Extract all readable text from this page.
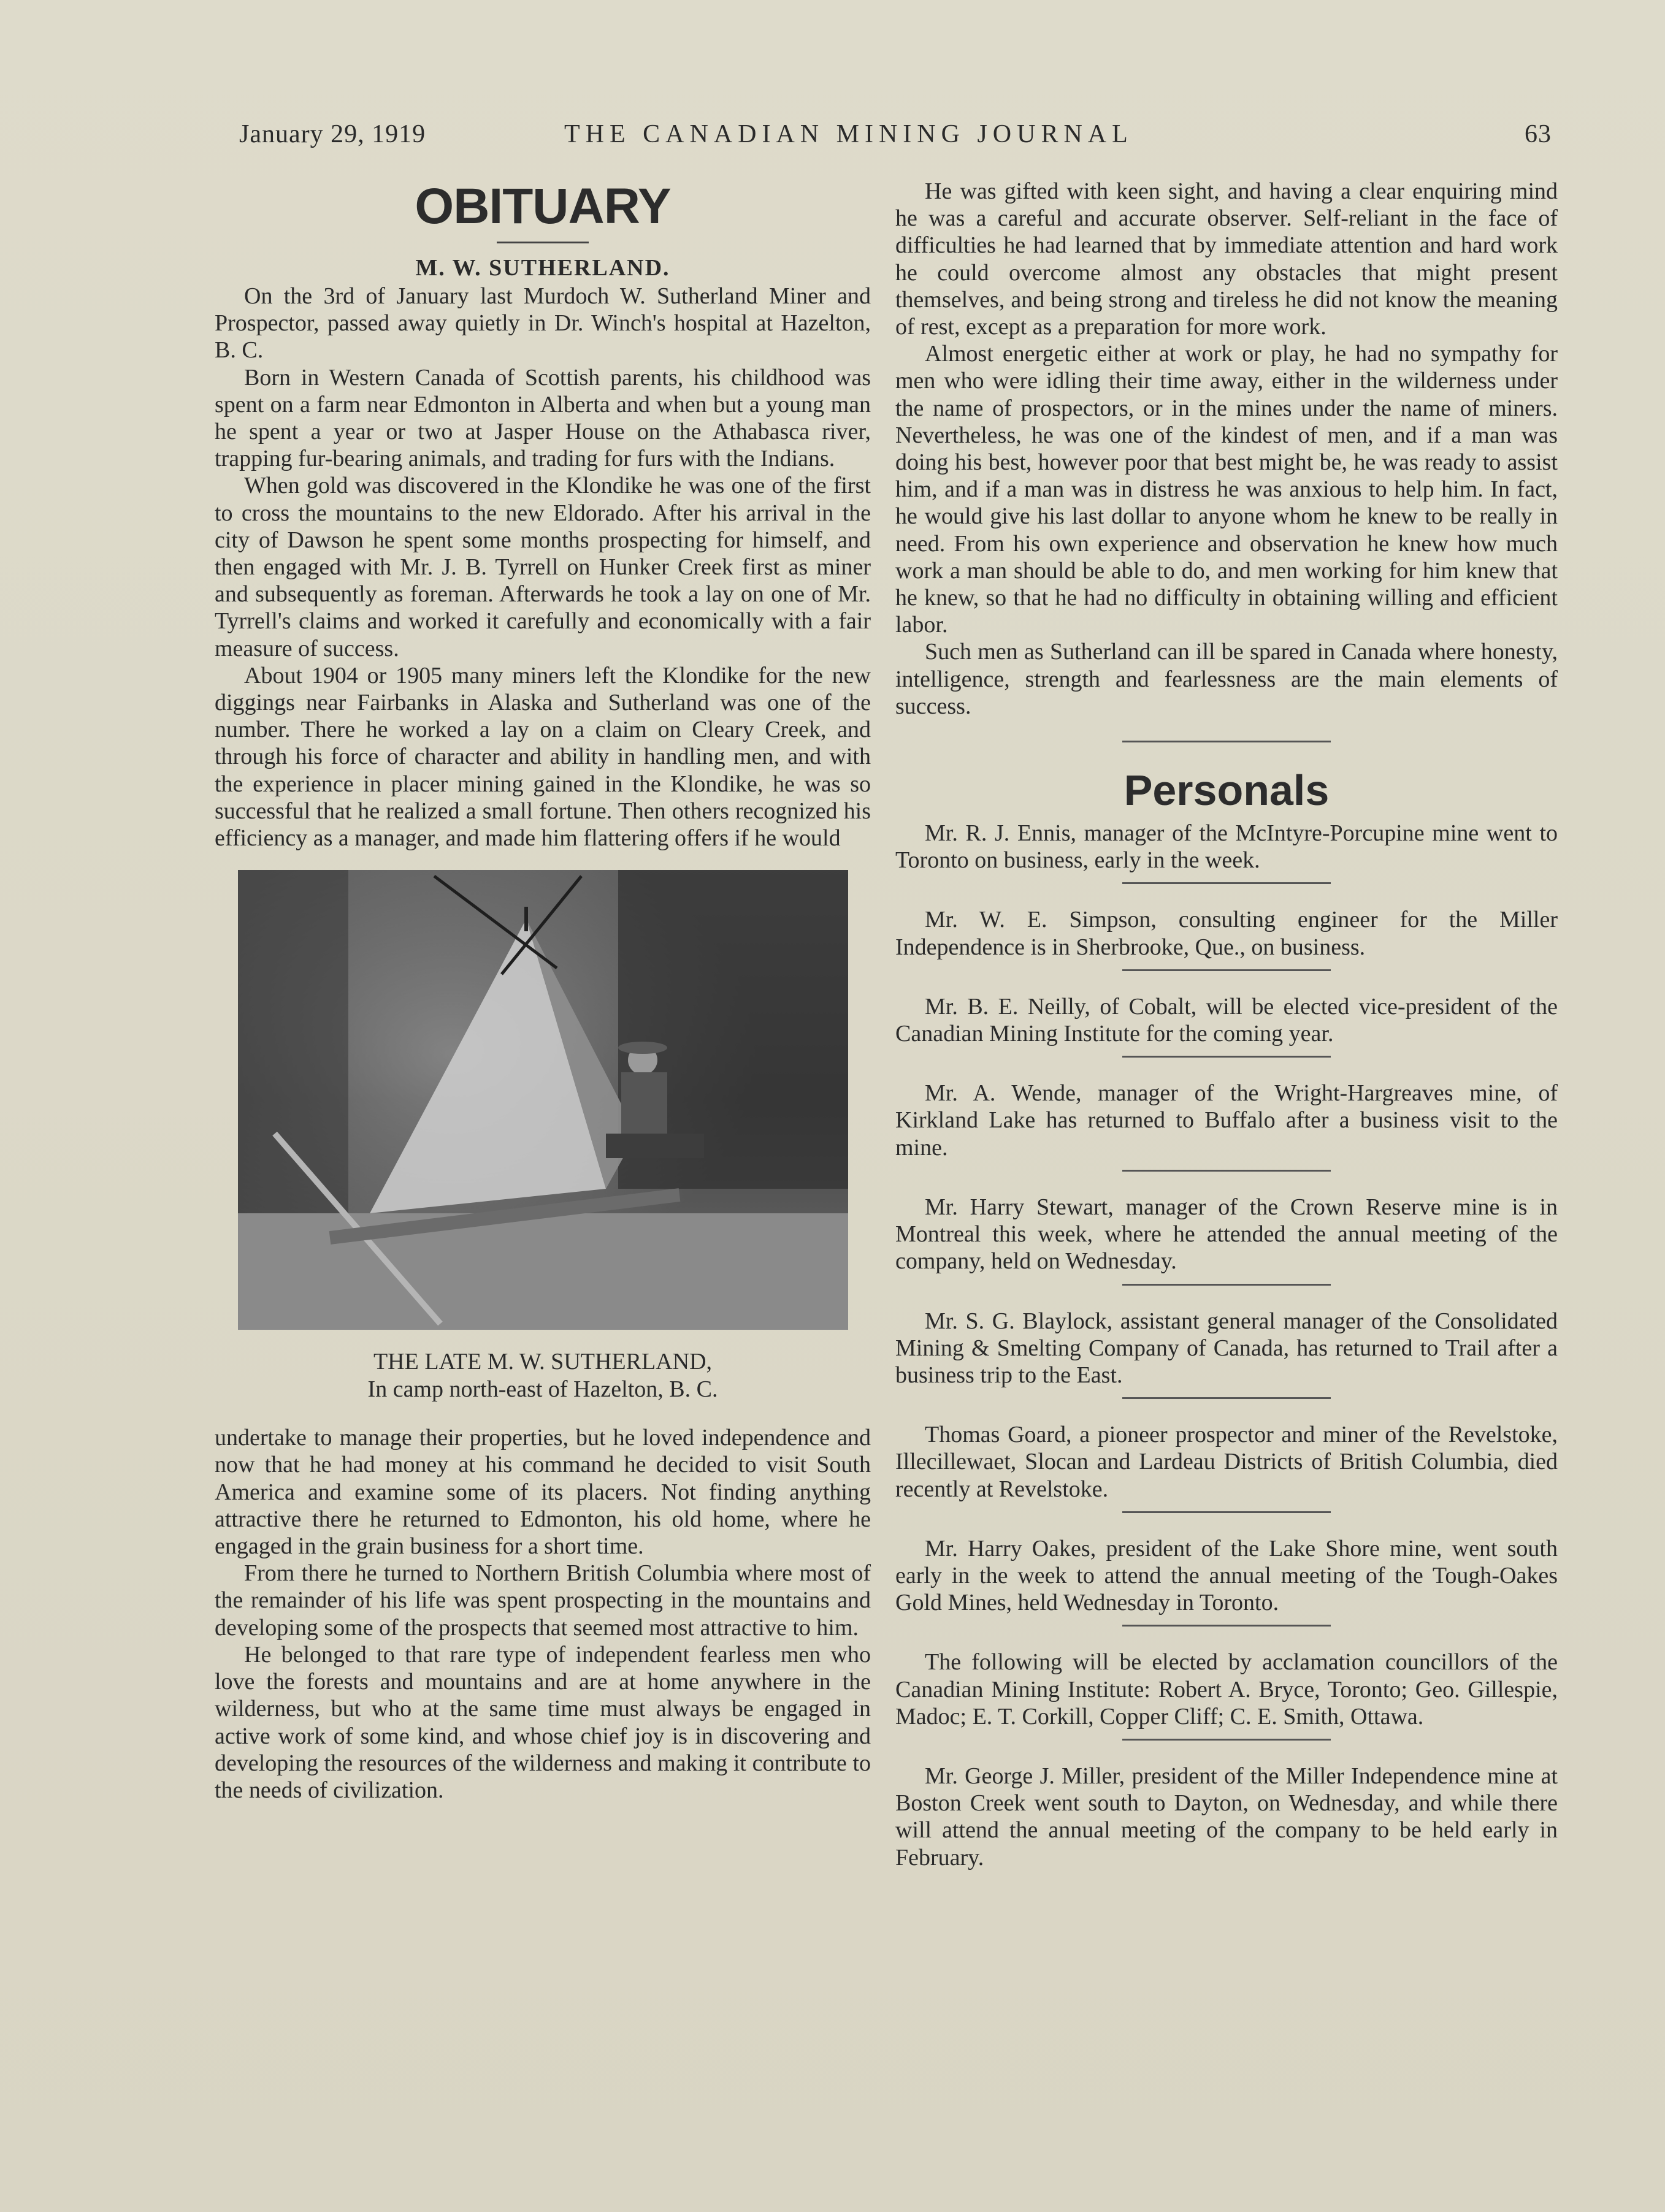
January 29, 1919	THE CANADIAN MINING JOURNAL	63
OBITUARY
M. W. SUTHERLAND.

On the 3rd of January last Murdoch W. Sutherland Miner and Prospector, passed away quietly in Dr. Winch's hospital at Hazelton, B. C.

Born in Western Canada of Scottish parents, his childhood was spent on a farm near Edmonton in Alberta and when but a young man he spent a year or two at Jasper House on the Athabasca river, trapping fur-bearing animals, and trading for furs with the Indians.

When gold was discovered in the Klondike he was one of the first to cross the mountains to the new Eldorado. After his arrival in the city of Dawson he spent some months prospecting for himself, and then engaged with Mr. J. B. Tyrrell on Hunker Creek first as miner and subsequently as foreman. Afterwards he took a lay on one of Mr. Tyrrell's claims and worked it carefully and economically with a fair measure of success.

About 1904 or 1905 many miners left the Klondike for the new diggings near Fairbanks in Alaska and Sutherland was one of the number. There he worked a lay on a claim on Cleary Creek, and through his force of character and ability in handling men, and with the experience in placer mining gained in the Klondike, he was so successful that he realized a small fortune. Then others recognized his efficiency as a manager, and made him flattering offers if he would

THE LATE M. W. SUTHERLAND,
In camp north-east of Hazelton, B. C.

undertake to manage their properties, but he loved independence and now that he had money at his command he decided to visit South America and examine some of its placers. Not finding anything attractive there he returned to Edmonton, his old home, where he engaged in the grain business for a short time.

From there he turned to Northern British Columbia where most of the remainder of his life was spent prospecting in the mountains and developing some of the prospects that seemed most attractive to him.

He belonged to that rare type of independent fearless men who love the forests and mountains and are at home anywhere in the wilderness, but who at the same time must always be engaged in active work of some kind, and whose chief joy is in discovering and developing the resources of the wilderness and making it contribute to the needs of civilization.

He was gifted with keen sight, and having a clear enquiring mind he was a careful and accurate observer. Self-reliant in the face of difficulties he had learned that by immediate attention and hard work he could overcome almost any obstacles that might present themselves, and being strong and tireless he did not know the meaning of rest, except as a preparation for more work.

Almost energetic either at work or play, he had no sympathy for men who were idling their time away, either in the wilderness under the name of prospectors, or in the mines under the name of miners. Nevertheless, he was one of the kindest of men, and if a man was doing his best, however poor that best might be, he was ready to assist him, and if a man was in distress he was anxious to help him. In fact, he would give his last dollar to anyone whom he knew to be really in need. From his own experience and observation he knew how much work a man should be able to do, and men working for him knew that he knew, so that he had no difficulty in obtaining willing and efficient labor.

Such men as Sutherland can ill be spared in Canada where honesty, intelligence, strength and fearlessness are the main elements of success.

Personals

Mr. R. J. Ennis, manager of the McIntyre-Porcupine mine went to Toronto on business, early in the week.

Mr. W. E. Simpson, consulting engineer for the Miller Independence is in Sherbrooke, Que., on business.

Mr. B. E. Neilly, of Cobalt, will be elected vice-president of the Canadian Mining Institute for the coming year.

Mr. A. Wende, manager of the Wright-Hargreaves mine, of Kirkland Lake has returned to Buffalo after a business visit to the mine.

Mr. Harry Stewart, manager of the Crown Reserve mine is in Montreal this week, where he attended the annual meeting of the company, held on Wednesday.

Mr. S. G. Blaylock, assistant general manager of the Consolidated Mining & Smelting Company of Canada, has returned to Trail after a business trip to the East.

Thomas Goard, a pioneer prospector and miner of the Revelstoke, Illecillewaet, Slocan and Lardeau Districts of British Columbia, died recently at Revelstoke.

Mr. Harry Oakes, president of the Lake Shore mine, went south early in the week to attend the annual meeting of the Tough-Oakes Gold Mines, held Wednesday in Toronto.

The following will be elected by acclamation councillors of the Canadian Mining Institute: Robert A. Bryce, Toronto; Geo. Gillespie, Madoc; E. T. Corkill, Copper Cliff; C. E. Smith, Ottawa.

Mr. George J. Miller, president of the Miller Independence mine at Boston Creek went south to Dayton, on Wednesday, and while there will attend the annual meeting of the company to be held early in February.
